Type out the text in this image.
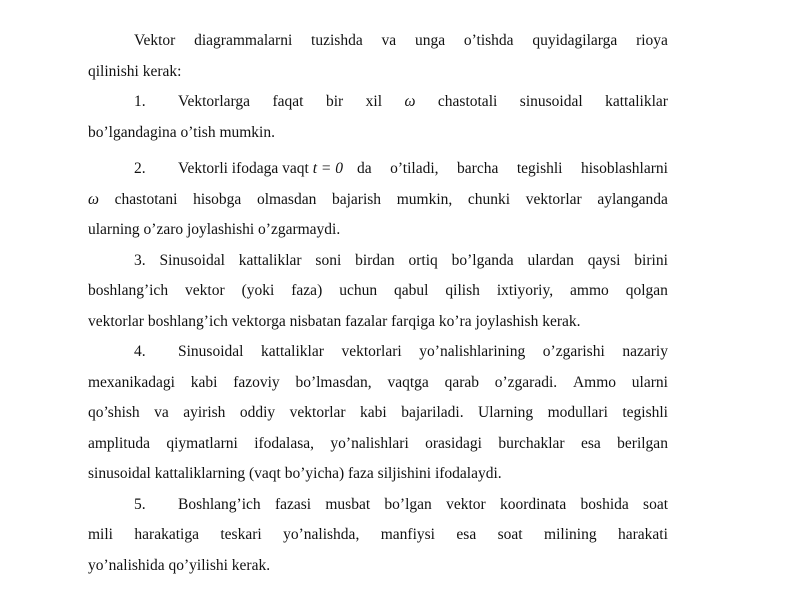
Vektor diagrammalarni tuzishda va unga o’tishda quyidagilarga rioya
qilinishi kerak:
1.	Vektorlarga faqat bir xil ω chastotali sinusoidal kattaliklar
bo’lgandagina o’tish mumkin.
2.	Vektorli ifodaga vaqt t = 0 da o’tiladi, barcha tegishli hisoblashlarni
ω chastotani hisobga olmasdan bajarish mumkin, chunki vektorlar aylanganda
ularning o’zaro joylashishi o’zgarmaydi.
3. Sinusoidal kattaliklar soni birdan ortiq bo’lganda ulardan qaysi birini
boshlang’ich vektor (yoki faza) uchun qabul qilish ixtiyoriy, ammo qolgan
vektorlar boshlang’ich vektorga nisbatan fazalar farqiga ko’ra joylashish kerak.
4.	Sinusoidal kattaliklar vektorlari yo’nalishlarining o’zgarishi nazariy
mexanikadagi kabi fazoviy bo’lmasdan, vaqtga qarab o’zgaradi. Ammo ularni
qo’shish va ayirish oddiy vektorlar kabi bajariladi. Ularning modullari tegishli
amplituda qiymatlarni ifodalasa, yo’nalishlari orasidagi burchaklar esa berilgan
sinusoidal kattaliklarning (vaqt bo’yicha) faza siljishini ifodalaydi.
5.	Boshlang’ich fazasi musbat bo’lgan vektor koordinata boshida soat
mili harakatiga teskari yo’nalishda, manfiysi esa soat milining harakati
yo’nalishida qo’yilishi kerak.
